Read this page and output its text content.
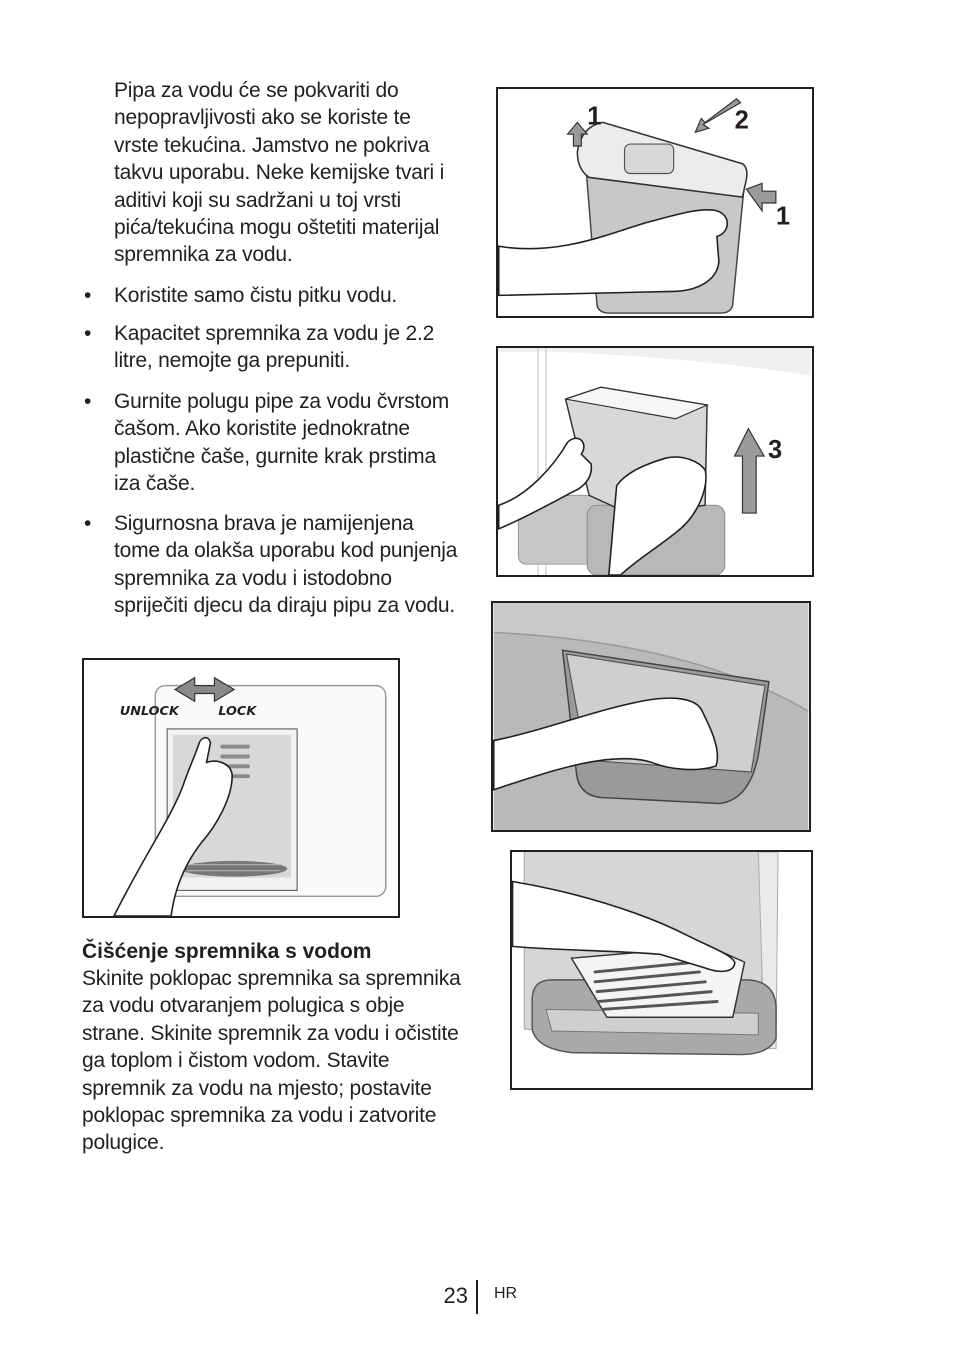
Pipa za vodu će se pokvariti do nepopravljivosti ako se koriste te vrste tekućina. Jamstvo ne pokriva takvu uporabu. Neke kemijske tvari i aditivi koji su sadržani u toj vrsti pića/tekućina mogu oštetiti materijal spremnika za vodu.
• Koristite samo čistu pitku vodu.
• Kapacitet spremnika za vodu je 2.2 litre, nemojte ga prepuniti.
• Gurnite polugu pipe za vodu čvrstom čašom. Ako koristite jednokratne plastične čaše, gurnite krak prstima iza čaše.
• Sigurnosna brava je namijenjena tome da olakša uporabu kod punjenja spremnika za vodu i istodobno spriječiti djecu da diraju pipu za vodu.
UNLOCK	LOCK
1	2
1
3
Čišćenje spremnika s vodom
Skinite poklopac spremnika sa spremnika za vodu otvaranjem polugica s obje strane. Skinite spremnik za vodu i očistite ga toplom i čistom vodom. Stavite spremnik za vodu na mjesto; postavite poklopac spremnika za vodu i zatvorite polugice.
23 HR
